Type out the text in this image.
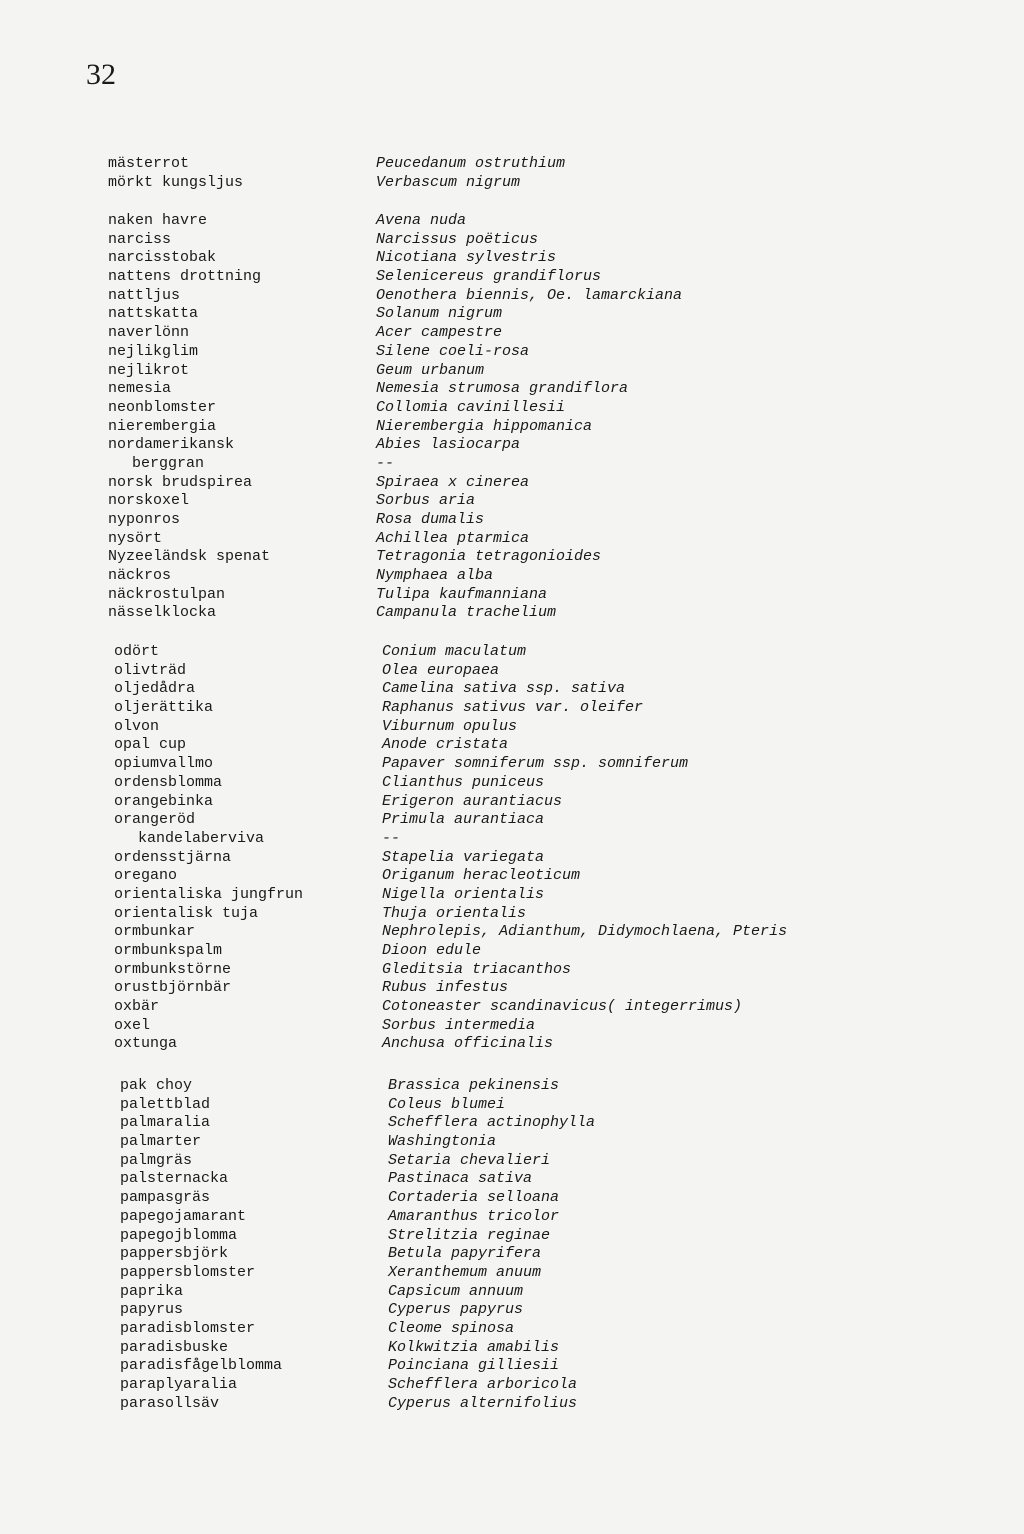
32
mästerrot	Peucedanum ostruthium
mörkt kungsljus	Verbascum nigrum
naken havre	Avena nuda
narciss	Narcissus poëticus
narcisstobak	Nicotiana sylvestris
nattens drottning	Selenicereus grandiflorus
nattljus	Oenothera biennis, Oe. lamarckiana
nattskatta	Solanum nigrum
naverlönn	Acer campestre
nejlikglim	Silene coeli-rosa
nejlikrot	Geum urbanum
nemesia	Nemesia strumosa grandiflora
neonblomster	Collomia cavinillesii
nierembergia	Nierembergia hippomanica
nordamerikansk	Abies lasiocarpa
berggran	--
norsk brudspirea	Spiraea x cinerea
norskoxel	Sorbus aria
nyponros	Rosa dumalis
nysört	Achillea ptarmica
Nyzeeländsk spenat	Tetragonia tetragonioides
näckros	Nymphaea alba
näckrostulpan	Tulipa kaufmanniana
nässelklocka	Campanula trachelium
odört	Conium maculatum
olivträd	Olea europaea
oljedådra	Camelina sativa ssp. sativa
oljerättika	Raphanus sativus var. oleifer
olvon	Viburnum opulus
opal cup	Anode cristata
opiumvallmo	Papaver somniferum ssp. somniferum
ordensblomma	Clianthus puniceus
orangebinka	Erigeron aurantiacus
orangeröd	Primula aurantiaca
kandelaberviva	--
ordensstjärna	Stapelia variegata
oregano	Origanum heracleoticum
orientaliska jungfrun	Nigella orientalis
orientalisk tuja	Thuja orientalis
ormbunkar	Nephrolepis, Adianthum, Didymochlaena, Pteris
ormbunkspalm	Dioon edule
ormbunkstörne	Gleditsia triacanthos
orustbjörnbär	Rubus infestus
oxbär	Cotoneaster scandinavicus( integerrimus)
oxel	Sorbus intermedia
oxtunga	Anchusa officinalis
pak choy	Brassica pekinensis
palettblad	Coleus blumei
palmaralia	Schefflera actinophylla
palmarter	Washingtonia
palmgräs	Setaria chevalieri
palsternacka	Pastinaca sativa
pampasgräs	Cortaderia selloana
papegojamarant	Amaranthus tricolor
papegojblomma	Strelitzia reginae
pappersbjörk	Betula papyrifera
pappersblomster	Xeranthemum anuum
paprika	Capsicum annuum
papyrus	Cyperus papyrus
paradisblomster	Cleome spinosa
paradisbuske	Kolkwitzia amabilis
paradisfågelblomma	Poinciana gilliesii
paraplyaralia	Schefflera arboricola
parasollsäv	Cyperus alternifolius
